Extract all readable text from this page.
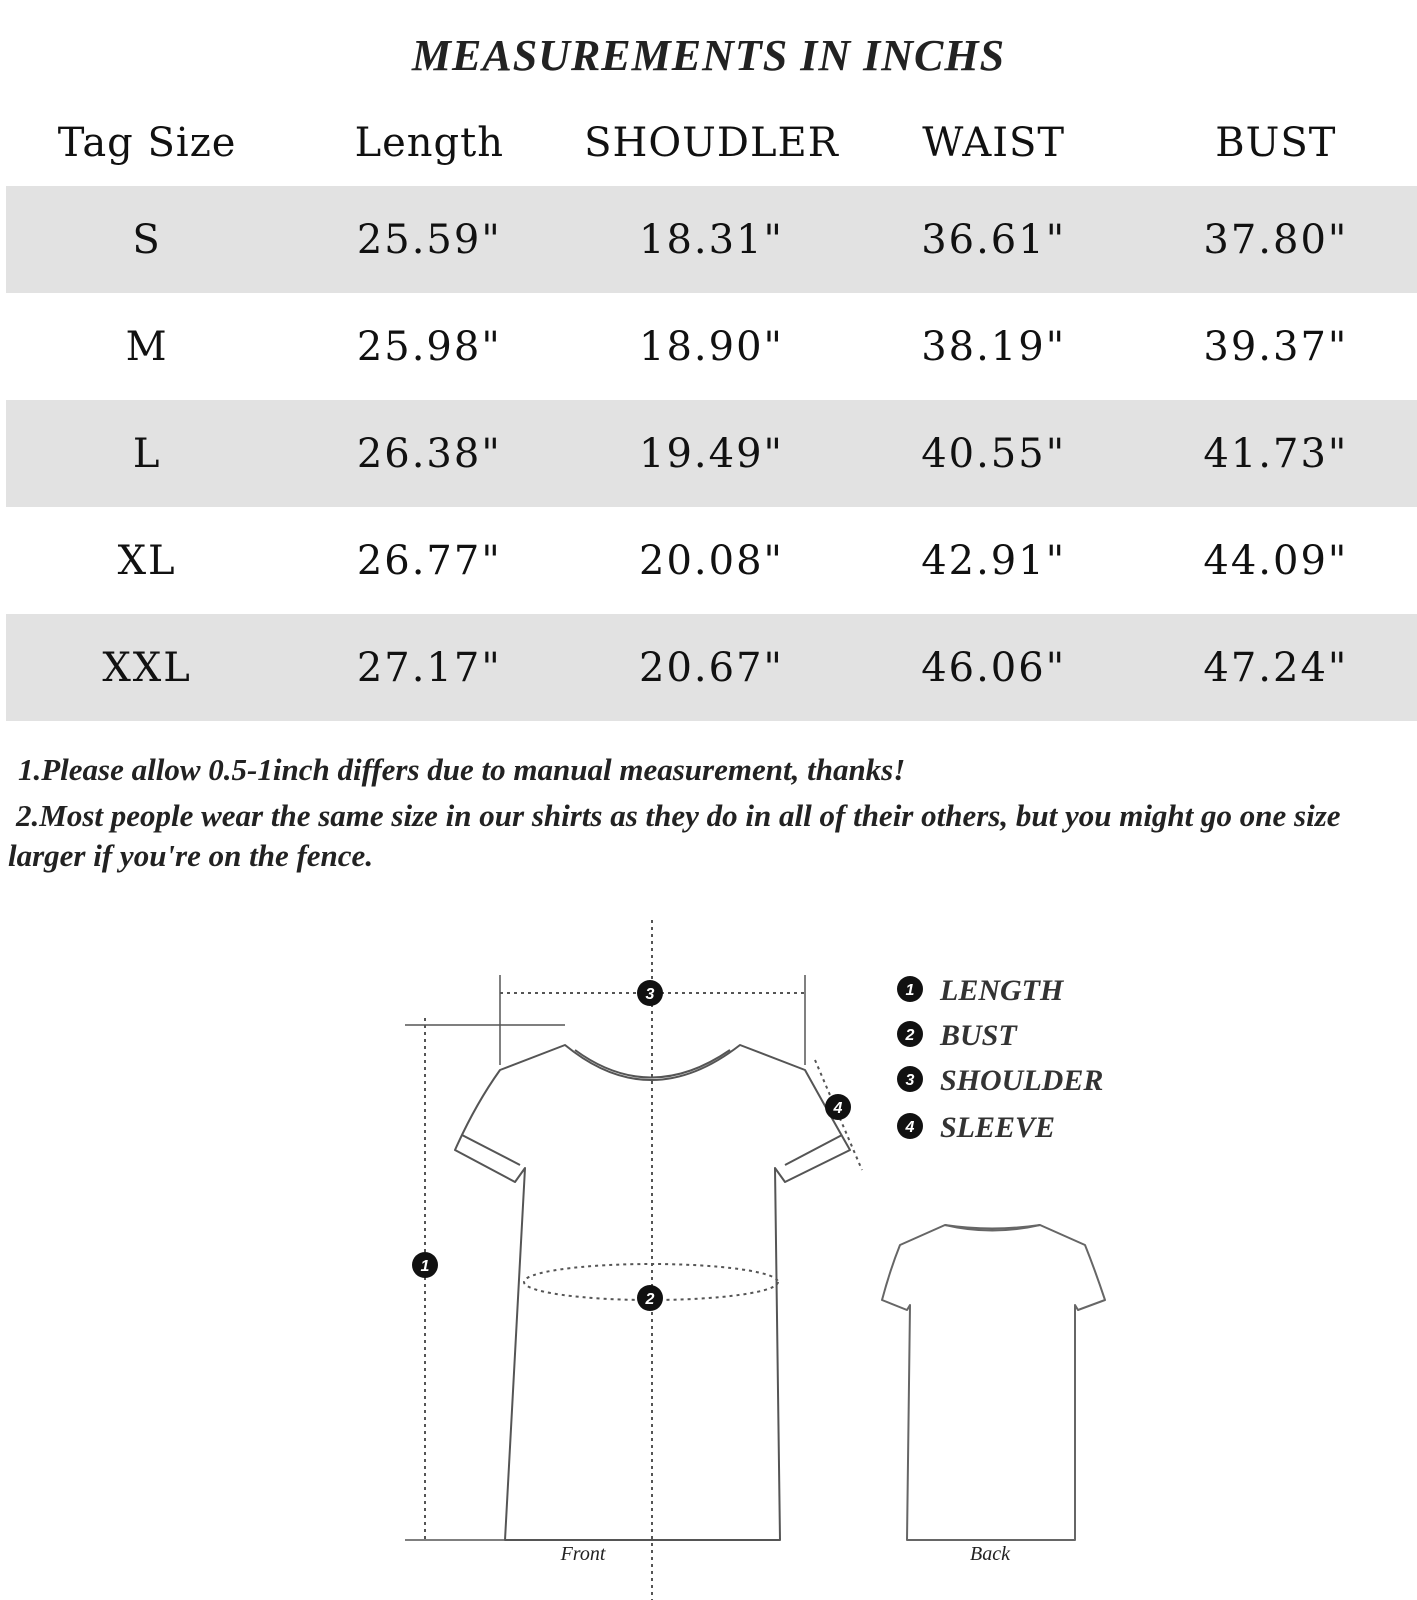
MEASUREMENTS IN INCHS
Tag Size	Length	SHOUDLER	WAIST	BUST
S	25.59"	18.31"	36.61"	37.80"
M	25.98"	18.90"	38.19"	39.37"
L	26.38"	19.49"	40.55"	41.73"
XL	26.77"	20.08"	42.91"	44.09"
XXL	27.17"	20.67"	46.06"	47.24"

1.Please allow 0.5-1inch differs due to manual measurement, thanks!

2.Most people wear the same size in our shirts as they do in all of their others, but you might go one size larger if you're on the fence.

1
2
3
4
1 LENGTH
2 BUST
3 SHOULDER
4 SLEEVE
Front	Back
